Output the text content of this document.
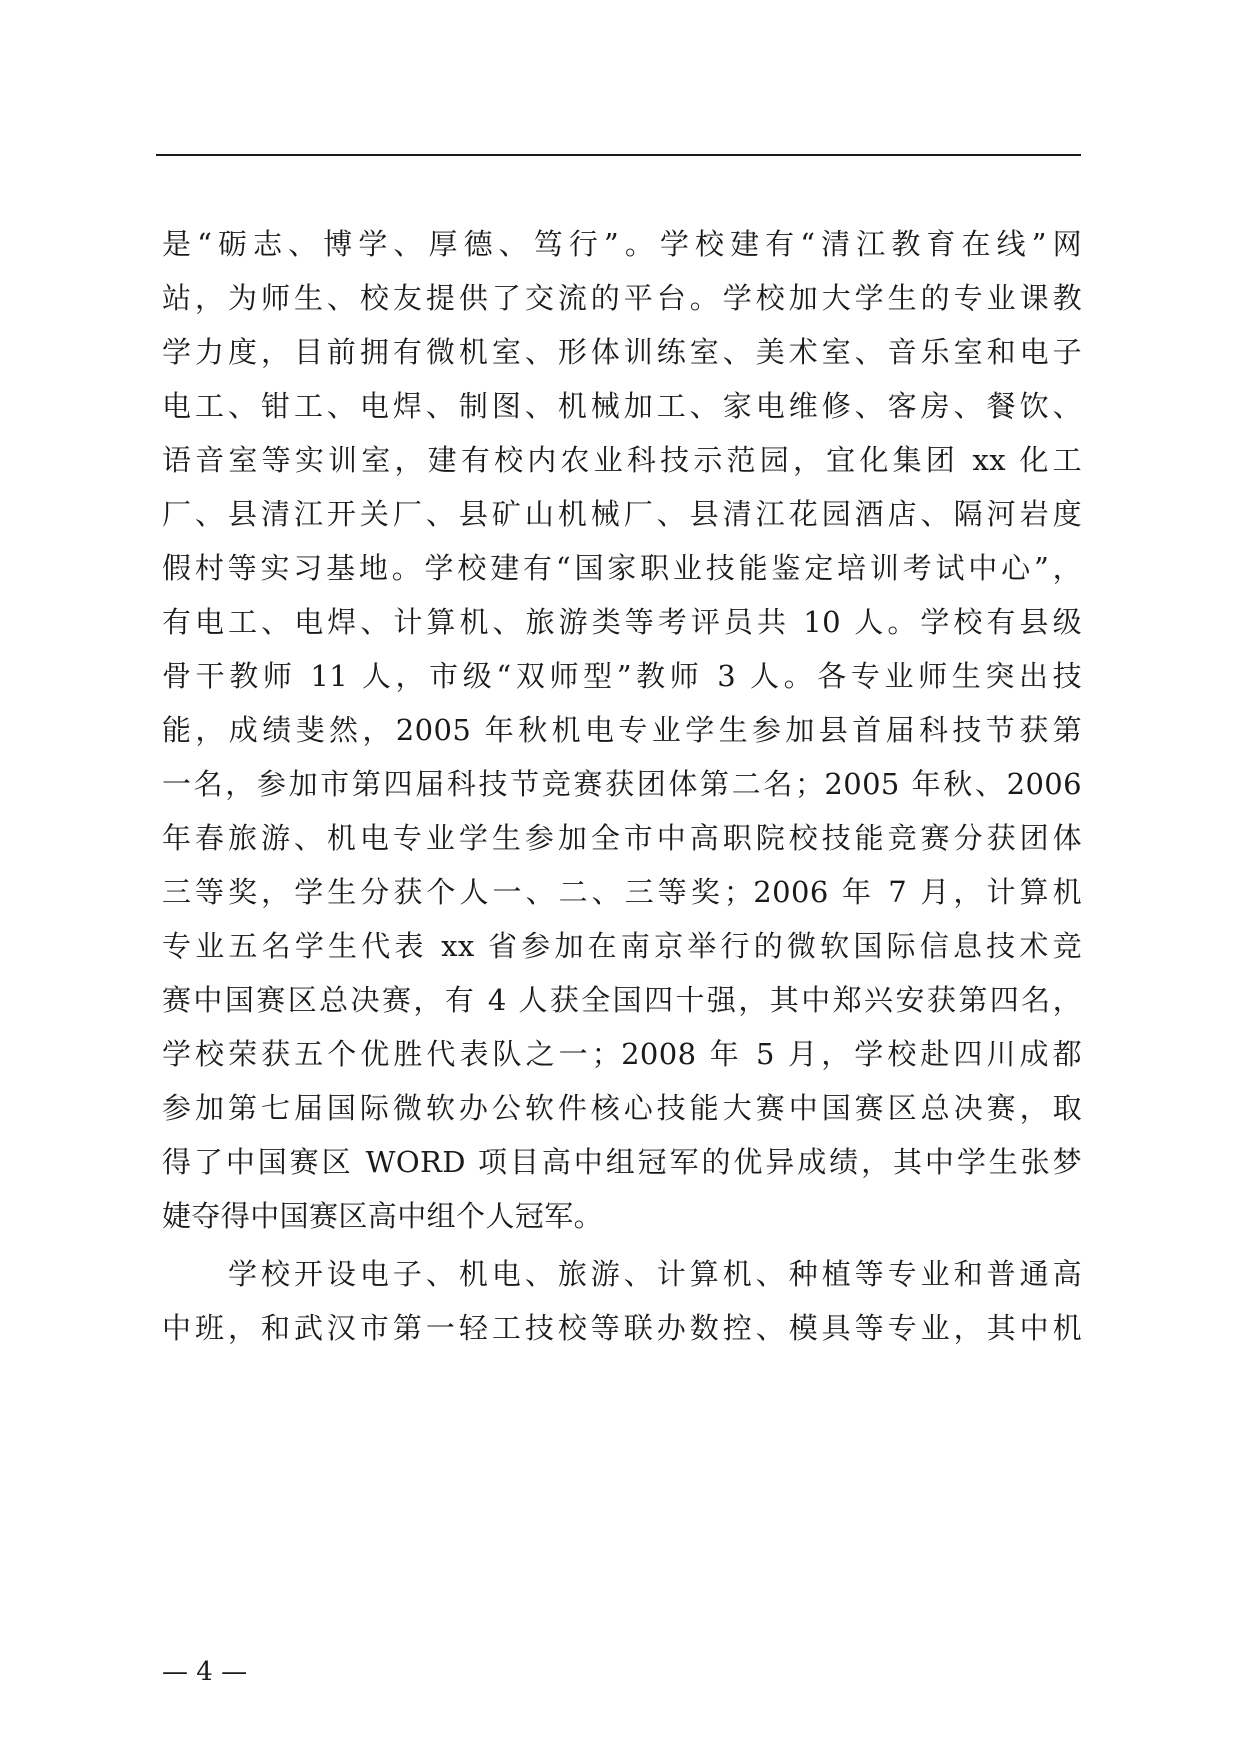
是“砺志、博学、厚德、笃行”。学校建有“清江教育在线”网
站，为师生、校友提供了交流的平台。学校加大学生的专业课教
学力度，目前拥有微机室、形体训练室、美术室、音乐室和电子
电工、钳工、电焊、制图、机械加工、家电维修、客房、餐饮、
语音室等实训室，建有校内农业科技示范园，宜化集团 xx 化工
厂、县清江开关厂、县矿山机械厂、县清江花园酒店、隔河岩度
假村等实习基地。学校建有“国家职业技能鉴定培训考试中心”，
有电工、电焊、计算机、旅游类等考评员共 10 人。学校有县级
骨干教师 11 人，市级“双师型”教师 3 人。各专业师生突出技
能，成绩斐然，2005 年秋机电专业学生参加县首届科技节获第
一名，参加市第四届科技节竞赛获团体第二名；2005 年秋、2006
年春旅游、机电专业学生参加全市中高职院校技能竞赛分获团体
三等奖，学生分获个人一、二、三等奖；2006 年 7 月，计算机
专业五名学生代表 xx 省参加在南京举行的微软国际信息技术竞
赛中国赛区总决赛，有 4 人获全国四十强，其中郑兴安获第四名，
学校荣获五个优胜代表队之一；2008 年 5 月，学校赴四川成都
参加第七届国际微软办公软件核心技能大赛中国赛区总决赛，取
得了中国赛区 WORD 项目高中组冠军的优异成绩，其中学生张梦
婕夺得中国赛区高中组个人冠军。
　　学校开设电子、机电、旅游、计算机、种植等专业和普通高
中班，和武汉市第一轻工技校等联办数控、模具等专业，其中机
— 4 —
